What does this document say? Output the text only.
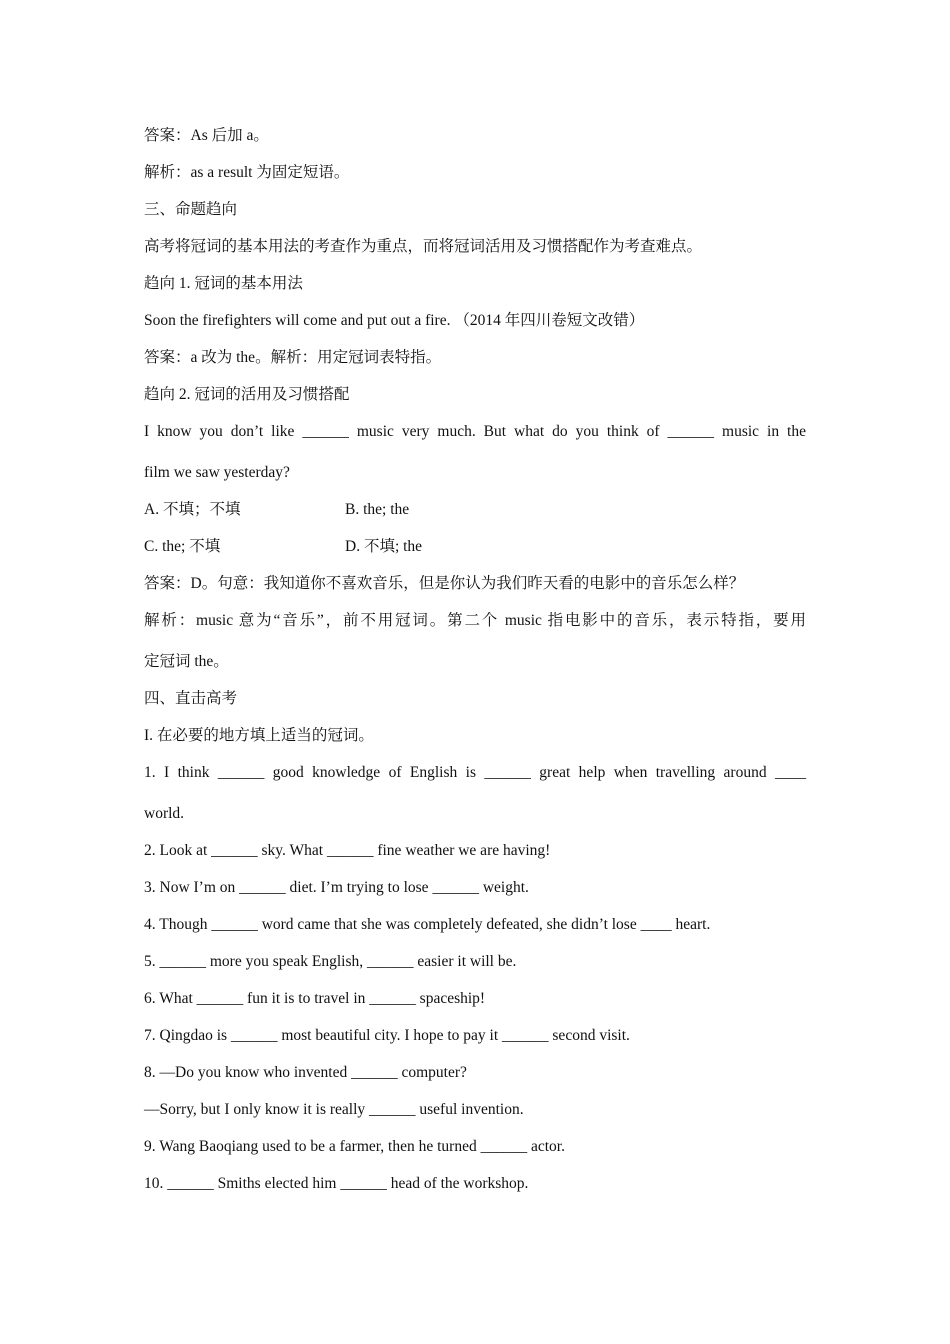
答案：As 后加 a。
解析：as a result 为固定短语。
三、命题趋向
高考将冠词的基本用法的考查作为重点，而将冠词活用及习惯搭配作为考查难点。
趋向 1. 冠词的基本用法
Soon the firefighters will come and put out a fire. （2014 年四川卷短文改错）
答案：a 改为 the。解析：用定冠词表特指。
趋向 2. 冠词的活用及习惯搭配
I know you don’t like ______ music very much. But what do you think of ______ music in the
film we saw yesterday?
A. 不填；不填	B. the; the
C. the; 不填	D. 不填; the
答案：D。句意：我知道你不喜欢音乐，但是你认为我们昨天看的电影中的音乐怎么样？
解析：music 意为“音乐”，前不用冠词。第二个 music 指电影中的音乐，表示特指，要用
定冠词 the。
四、直击高考
I. 在必要的地方填上适当的冠词。
1. I think ______ good knowledge of English is ______ great help when travelling around ____
world.
2. Look at ______ sky. What ______ fine weather we are having!
3. Now I’m on ______ diet. I’m trying to lose ______ weight.
4. Though ______ word came that she was completely defeated, she didn’t lose ____ heart.
5. ______ more you speak English, ______ easier it will be.
6. What ______ fun it is to travel in ______ spaceship!
7. Qingdao is ______ most beautiful city. I hope to pay it ______ second visit.
8. —Do you know who invented ______ computer?
—Sorry, but I only know it is really ______ useful invention.
9. Wang Baoqiang used to be a farmer, then he turned ______ actor.
10. ______ Smiths elected him ______ head of the workshop.
